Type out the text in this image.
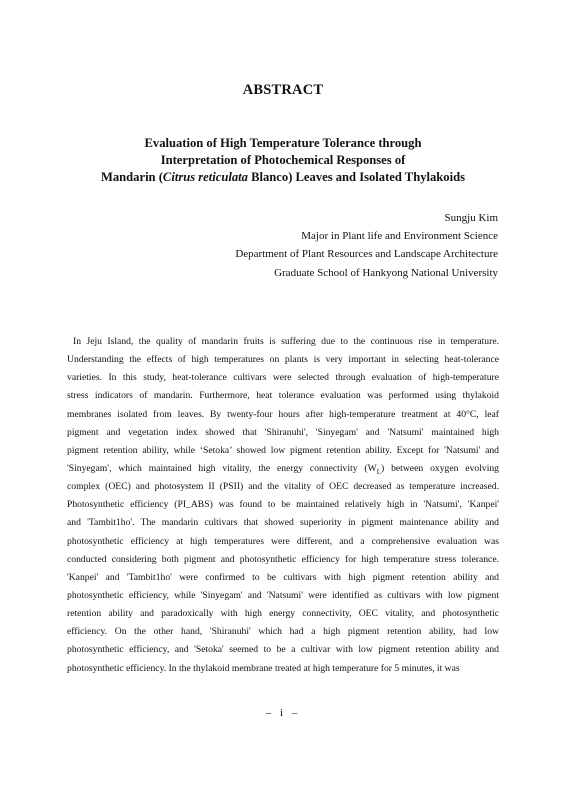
ABSTRACT
Evaluation of High Temperature Tolerance through
Interpretation of Photochemical Responses of
Mandarin (Citrus reticulata Blanco) Leaves and Isolated Thylakoids
Sungju Kim
Major in Plant life and Environment Science
Department of Plant Resources and Landscape Architecture
Graduate School of Hankyong National University
In Jeju Island, the quality of mandarin fruits is suffering due to the continuous rise in temperature.
Understanding the effects of high temperatures on plants is very important in selecting heat-tolerance
varieties. In this study, heat-tolerance cultivars were selected through evaluation of high-temperature
stress indicators of mandarin. Furthermore, heat tolerance evaluation was performed using thylakoid
membranes isolated from leaves. By twenty-four hours after high-temperature treatment at 40°C, leaf
pigment and vegetation index showed that 'Shiranuhi', 'Sinyegam' and 'Natsumi' maintained high
pigment retention ability, while ‘Setoka’ showed low pigment retention ability. Except for 'Natsumi' and
'Sinyegam', which maintained high vitality, the energy connectivity $(W_L)$ between oxygen evolving
complex (OEC) and photosystem II (PSII) and the vitality of OEC decreased as temperature increased.
Photosynthetic efficiency (PI_ABS) was found to be maintained relatively high in 'Natsumi', 'Kanpei'
and 'Tambit1ho'. The mandarin cultivars that showed superiority in pigment maintenance ability and
photosynthetic efficiency at high temperatures were different, and a comprehensive evaluation was
conducted considering both pigment and photosynthetic efficiency for high temperature stress tolerance.
'Kanpei' and 'Tambit1ho' were confirmed to be cultivars with high pigment retention ability and
photosynthetic efficiency, while 'Sinyegam' and 'Natsumi' were identified as cultivars with low pigment
retention ability and paradoxically with high energy connectivity, OEC vitality, and photosynthetic
efficiency. On the other hand, 'Shiranuhi' which had a high pigment retention ability, had low
photosynthetic efficiency, and 'Setoka' seemed to be a cultivar with low pigment retention ability and
photosynthetic efficiency. In the thylakoid membrane treated at high temperature for 5 minutes, it was
– i –
